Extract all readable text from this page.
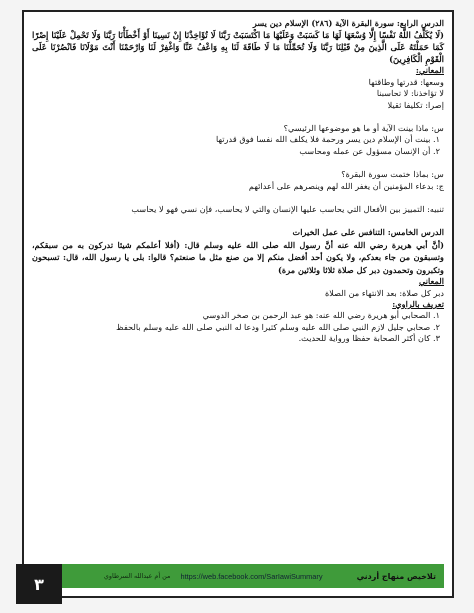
الدرس الرابع: سورة البقرة الآية (٢٨٦) الإسلام دين يسر

(لَا يُكَلِّفُ اللَّهُ نَفْسًا إِلَّا وُسْعَهَا لَهَا مَا كَسَبَتْ وَعَلَيْهَا مَا اكْتَسَبَتْ رَبَّنَا لَا تُؤَاخِذْنَا إِنْ نَسِينَا أَوْ أَخْطَأْنَا رَبَّنَا وَلَا تَحْمِلْ عَلَيْنَا إِصْرًا كَمَا حَمَلْتَهُ عَلَى الَّذِينَ مِنْ قَبْلِنَا رَبَّنَا وَلَا تُحَمِّلْنَا مَا لَا طَاقَةَ لَنَا بِهِ وَاعْفُ عَنَّا وَاغْفِرْ لَنَا وَارْحَمْنَا أَنْتَ مَوْلَانَا فَانْصُرْنَا عَلَى الْقَوْمِ الْكَافِرِينَ)

المعاني:

وسعها: قدرتها وطاقتها

لا تؤاخذنا: لا تحاسبنا

إصرا: تكليفا ثقيلا

س: ماذا بينت الآية أو ما هو موضوعها الرئيسي؟

١. بينت أن الإسلام دين يسر ورحمة فلا يكلف الله نفسا فوق قدرتها

٢. أن الإنسان مسؤول عن عمله ومحاسب

س: بماذا ختمت سورة البقرة؟

ج: بدعاء المؤمنين أن يغفر الله لهم وينصرهم على أعدائهم

تنبيه: التمييز بين الأفعال التي يحاسب عليها الإنسان والتي لا يحاسب، فإن نسي فهو لا يحاسب

الدرس الخامس: التنافس على عمل الخيرات

(أنَّ أبي هريرة رضي الله عنه أنَّ رسول الله صلى الله عليه وسلم قال: (أفلا أعلمكم شيئا تدركون به من سبقكم، وتسبقون من جاء بعدكم، ولا يكون أحد أفضل منكم إلا من صنع مثل ما صنعتم؟ قالوا: بلى يا رسول الله، قال: تسبحون وتكبرون وتحمدون دبر كل صلاة ثلاثا وثلاثين مرة)

المعاني

دبر كل صلاة: بعد الانتهاء من الصلاة

تعريف بالراوي:

١. الصحابي أبو هريرة رضي الله عنه: هو عبد الرحمن بن صخر الدوسي

٢. صحابي جليل لازم النبي صلى الله عليه وسلم كثيرا ودعا له النبي صلى الله عليه وسلم بالحفظ

٣. كان أكثر الصحابة حفظا ورواية للحديث.

تلاخيص منهاج أردني
https://web.facebook.com/SarIawiSummary
من أم عبدالله السرطاوي
٣
